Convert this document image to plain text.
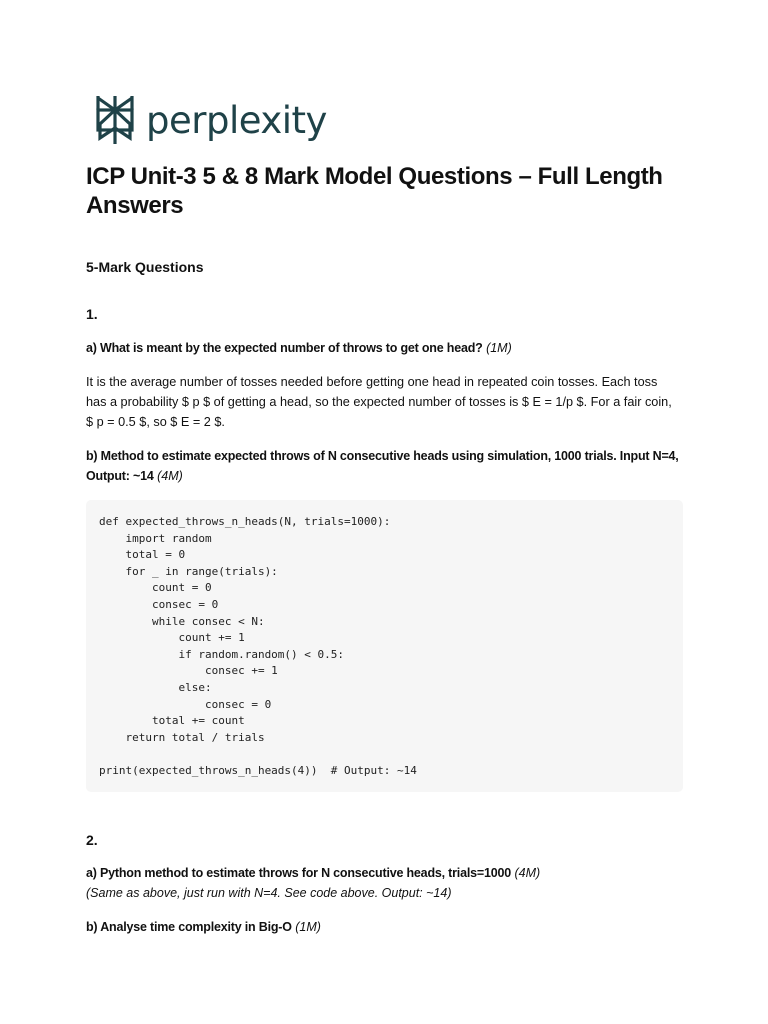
perplexity
ICP Unit-3 5 & 8 Mark Model Questions – Full Length Answers
5-Mark Questions
1.

a) What is meant by the expected number of throws to get one head? (1M)

It is the average number of tosses needed before getting one head in repeated coin tosses. Each toss has a probability $ p $ of getting a head, so the expected number of tosses is $ E = 1/p $. For a fair coin, $ p = 0.5 $, so $ E = 2 $.

b) Method to estimate expected throws of N consecutive heads using simulation, 1000 trials. Input N=4, Output: ~14 (4M)

def expected_throws_n_heads(N, trials=1000):
import random
total = 0
for _ in range(trials):
count = 0
consec = 0
while consec < N:
count += 1
if random.random() < 0.5:
consec += 1
else:
consec = 0
total += count
return total / trials

print(expected_throws_n_heads(4))  # Output: ~14
2.

a) Python method to estimate throws for N consecutive heads, trials=1000 (4M)
(Same as above, just run with N=4. See code above. Output: ~14)

b) Analyse time complexity in Big-O (1M)
